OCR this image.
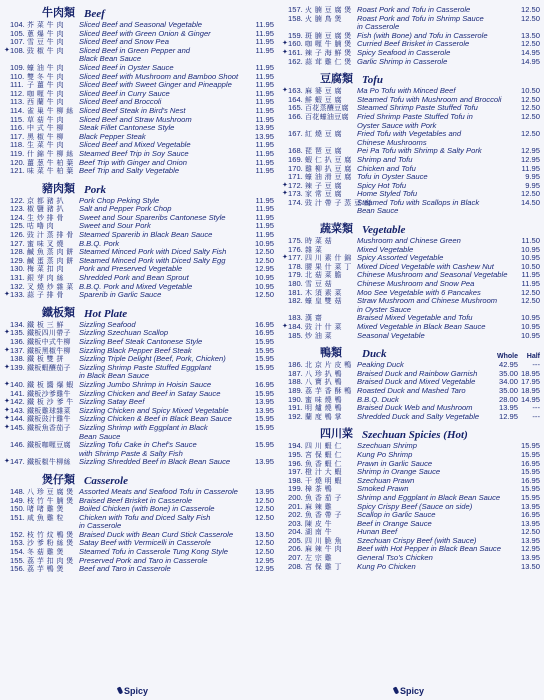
牛肉類 Beef
104. 芥 菜 牛 肉	Sliced Beef and Seasonal Vegetable	11.95
105. 蔥 爆 牛 肉	Sliced Beef with Green Onion & Ginger	11.95
107. 雪 豆 牛 肉	Sliced Beef and Snow Pea	11.95
✦ 108. 豉 椒 牛 肉	Sliced Beef in Green Pepper and
Black Bean Sauce
11.95
109. 蠔 油 牛 肉	Sliced Beef in Oyster Sauce	11.95
110. 雙 冬 牛 肉	Sliced Beef with Mushroom and Bamboo Shoot	11.95
111. 子 薑 牛 肉	Sliced Beef with Sweet Ginger and Pineapple	11.95
112. 咖 喱 牛 肉	Sliced Beef in Curry Sauce	11.95
113. 西 蘭 牛 肉	Sliced Beef and Broccoli	11.95
114. 雀 巢 牛 柳 絲 Sliced Beef Steak in Bird's Nest	11.95
115. 草 菇 牛 肉	Sliced Beef and Straw Mushroom	11.95
116. 中 式 牛 柳	Steak Fillet Cantonese Style	13.95
117. 黑 椒 牛 柳	Black Pepper Steak	13.95
118. 生 菜 牛 肉	Sliced Beef and Mixed Vegetable	11.95
119. 什 錦 牛 柳 絲 Steamed Beef Trip in Soy Sauce	11.95
120. 薑 葱 牛 柏 葉 Beef Trip with Ginger and Onion	11.95
121. 味 菜 牛 柏 葉 Beef Trip and Salty Vegetable	11.95
豬肉類 Pork
122. 京 都 豬 扒	Pork Chop Peking Style	11.95
123. 椒 鹽 豬 扒	Salt and Pepper Pork Chop	11.95
124. 生 炒 排 骨	Sweet and Sour Spareribs Cantonese Style	11.95
125. 咕 嚕 肉	Sweet and Sour Pork	11.95
126. 豉 汁 蒸 排 骨 Steamed Sparerib in Black Bean Sauce	11.95
127. 蜜 味 叉 燒	B.B.Q. Pork	10.95
128. 鹹 魚 蒸 肉 餅 Steamed Minced Pork with Diced Salty Fish	12.50
129. 鹹 蛋 蒸 肉 餅 Steamed Minced Pork with Diced Salty Egg	12.50
130. 梅 菜 扣 肉	Pork and Preserved Vegetable	12.95
131. 銀 芽 肉 絲	Shredded Pork and Bean Sprout	10.95
132. 叉 燒 炒 雜 菜 B.B.Q. Pork and Mixed Vegetable	10.95
✦ 133. 蒜 子 排 骨	Sparerib in Garlic Sauce	12.50
鐵板類 Hot Plate
134. 鐵 板 三 鮮	Sizzling Seafood	16.95
✦ 135. 鐵板四川帶子	Sizzling Szechuan Scallop	16.95
136. 鐵板中式牛柳	Sizzling Beef Steak Cantonese Style	15.95
✦ 137. 鐵板黑椒牛柳	Sizzling Black Pepper Beef Steak	15.95
138. 鐵 板 雙 拼	Sizzling Triple Delight (Beef, Pork, Chicken)	15.95
✦ 139. 鐵板蝦釀茄子	Sizzling Shrimp Paste Stuffed Eggplant
in Black Bean Sauce
15.95
✦ 140. 鐵 板 醬 爆 蝦 Sizzling Jumbo Shrimp in Hoisin Sauce	16.95
141. 鐵板沙爹雞牛	Sizzling Chicken and Beef in Satay Sauce	15.95
✦ 142. 鐵 板 沙 爹 牛 Sizzling Satay Beef	13.95
✦ 143. 鐵板雞球雜菜	Sizzling Chicken and Spicy Mixed Vegetable	13.95
✦ 144. 鐵板豉汁雞牛	Sizzling Chicken & Beef in Black Bean Sauce	15.95
✦ 145. 鐵板魚香茄子	Sizzling Shrimp with Eggplant in Black
Bean Sauce
15.95
146. 鐵板咖喱豆腐	Sizzling Tofu Cake in Chef's Sauce
with Shrimp Paste & Salty Fish
15.95
✦ 147. 鐵板椒牛柳絲	Sizzling Shredded Beef in Black Bean Sauce	13.95
煲仔類 Casserole
148. 八 珍 豆 腐 煲 Assorted Meats and Seafood Tofu in Casserole	13.95
149. 枝 竹 牛 腩 煲 Braised Beef Brisket in Casserole	12.50
150. 啫 啫 雞 煲	Boiled Chicken (with Bone) in Casserole	12.50
151. 咸 魚 雞 粒	Chicken with Tofu and Diced Salty Fish
in Casserole
12.50
152. 枝 竹 炆 鴨 煲 Braised Duck with Bean Curd Stick Casserole	13.50
153. 沙 爹 粉 絲 煲 Satay Beef with Vermicelli in Casserole	12.50
154. 冬 菇 雞 煲	Steamed Tofu in Casserole Tung Kong Style	12.50
155. 荔 芋 扣 肉 煲 Preserved Pork and Taro in Casserole	12.95
156. 荔 芋 鴨 煲	Beef and Taro in Casserole	12.95
157. 火 腩 豆 腐 煲 Roast Pork and Tofu in Casserole	12.50
158. 火 腩 鳥 煲	Roast Pork and Tofu in Shrimp Sauce
in Casserole
12.50
159. 斑 腩 豆 腐 煲 Fish (with Bone) and Tofu in Casserole	13.50
✦ 160. 咖 喱 牛 腩 煲 Curried Beef Brisket in Casserole	12.50
✦ 161. 辣 子 海 鮮 煲 Spicy Seafood in Casserole	14.95
162. 蒜 茸 雞 仁 煲 Garlic Shrimp in Casserole	14.95
豆腐類 Tofu
✦ 163. 麻 婆 豆 腐	Ma Po Tofu with Minced Beef	10.50
164. 鮮 蝦 豆 腐	Steamed Tofu with Mushroom and Broccoli	12.50
165. 百花蒸釀豆腐	Steamed Shrimp Paste Stuffed Tofu	12.50
166. 百花蠔油豆腐	Fried Shrimp Paste Stuffed Tofu in
Oyster Sauce with Pork
12.50
167. 紅 燒 豆 腐	Fried Tofu with Vegetables and
Chinese Mushrooms
12.50
168. 琵 琶 豆 腐	Pei Pa Tofu with Shrimp & Salty Pork	12.95
169. 蝦 仁 扒 豆 腐 Shrimp and Tofu	12.95
170. 雞 柳 扒 豆 腐 Chicken and Tofu	11.95
171. 蠔 油 滑 豆 腐 Tofu in Oyster Sauce	9.95
✦ 172. 辣 子 豆 腐	Spicy Hot Tofu	9.95
✦ 173. 家 常 豆 腐	Home Styled Tofu	12.50
174. 豉 汁 帶 子 蒸 豆 腐
Steamed Tofu with Scallops in Black
Bean Sauce
14.50
蔬菜類 Vegetable
175. 時 菜 菇	Mushroom and Chinese Green	11.50
176. 雜 菜	Mixed Vegetable	10.95
✦ 177. 四 川 素 什 錦 Spicy Assorted Vegetable	10.95
178. 腰 果 什 菜 丁 Mixed Diced Vegetable with Cashew Nut	10.50
179. 北 菇 菜 膽	Chinese Mushroom and Seasonal Vegetable	11.95
180. 雪 豆 菇	Chinese Mushroom and Snow Pea	11.95
181. 木 須 素 菜	Moo See Vegetable with 6 Pancakes	12.50
182. 蠔 皇 雙 菇	Straw Mushroom and Chinese Mushroom
in Oyster Sauce
12.50
183. 漢 齋	Braised Mixed Vegetable and Tofu	10.95
✦ 184. 豉 汁 什 菜	Mixed Vegetable in Black Bean Sauce	10.95
185. 炒 油 菜	Seasonal Vegetable	10.95
鴨類	Duck	Whole	Half
186. 北 京 片 皮 鴨 Peaking Duck	42.95	---
187. 八 珍 扒 鴨	Braised Duck and Rainbow Garnish	35.00 18.95
188. 八 寶 扒 鴨	Braised Duck and Mixed Vegetable	34.00 17.95
189. 荔 芋 香 酥 鴨 Roasted Duck and Mashed Taro	35.00 18.95
190. 蜜 味 燒 鴨	B.B.Q. Duck	28.00 14.95
191. 明 爐 燒 鴨	Braised Duck Web and Mushroom	13.95	---
192. 蘭 度 鴨 掌	Shredded Duck and Salty Vegetable	12.95	---
四川菜 Szechuan Spicies (Hot)
194. 四 川 蝦 仁	Szechuan Shrimp	15.95
195. 宮 保 蝦 仁	Kung Po Shrimp	15.95
196. 魚 香 蝦 仁	Prawn in Garlic Sauce	16.95
197. 橙 汁 大 蝦	Shrimp in Orange Sauce	15.95
198. 干 燒 明 蝦	Szechuan Prawn	16.95
199. 樟 茶 鴨	Smoked Prawn	15.95
200. 魚 香 茄 子	Shrimp and Eggplant in Black Bean Sauce	15.95
201. 麻 辣 雞	Spicy Crispy Beef (Sauce on side)	13.95
202. 魚 香 帶 子	Scallop in Garlic Sauce	16.95
203. 陳 皮 牛	Beef in Orange Sauce	13.95
204. 湖 南 牛	Hunan Beef	12.50
205. 四 川 脆 魚	Szechuan Crispy Beef (with Sauce)	13.95
206. 麻 辣 牛 肉	Beef with Hot Pepper in Black Bean Sauce	12.95
207. 左 宗 雞	General Tso's Chicken	13.95
208. 宮 保 雞 丁	Kung Po Chicken	13.50
Spicy	Spicy
